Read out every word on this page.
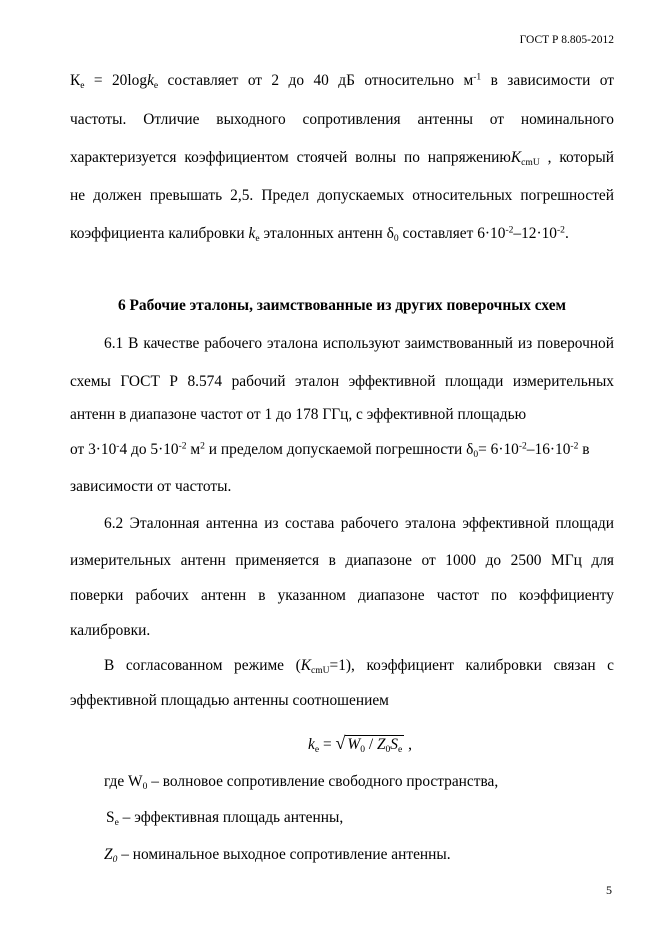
ГОСТ Р 8.805-2012
$К_e = 20\log k_e$ составляет от 2 до 40 дБ относительно $м^{-1}$ в зависимости от
частоты. Отличие выходного сопротивления антенны от номинального
характеризуется коэффициентом стоячей волны по напряжениюK$_{cmU}$ , который
не должен превышать 2,5. Предел допускаемых относительных погрешностей
коэффициента калибровки $k_e$ эталонных антенн $\delta_0$ составляет $6\cdot 10^{-2}-12\cdot 10^{-2}$.
6 Рабочие эталоны, заимствованные из других поверочных схем
6.1 В качестве рабочего эталона используют заимствованный из поверочной
схемы ГОСТ Р 8.574 рабочий эталон эффективной площади измерительных
антенн в диапазоне частот от 1 до 178 ГГц, с эффективной площадью
от 3·10-4 до $5\cdot 10^{-2}$ $м^2$ и пределом допускаемой погрешности $\delta_0= 6\cdot 10^{-2}-16\cdot 10^{-2}$ в
зависимости от частоты.
6.2 Эталонная антенна из состава рабочего эталона эффективной площади
измерительных антенн применяется в диапазоне от 1000 до 2500 МГц для
поверки рабочих антенн в указанном диапазоне частот по коэффициенту
калибровки.
В согласованном режиме $(K_{cmU}=1)$, коэффициент калибровки связан с
эффективной площадью антенны соотношением
$k_e$ = √ $W_0 / Z_0S_e$ ,
где $W_0$ – волновое сопротивление свободного пространства,
$S_e$ – эффективная площадь антенны,
$Z_0$ – номинальное выходное сопротивление антенны.
5
